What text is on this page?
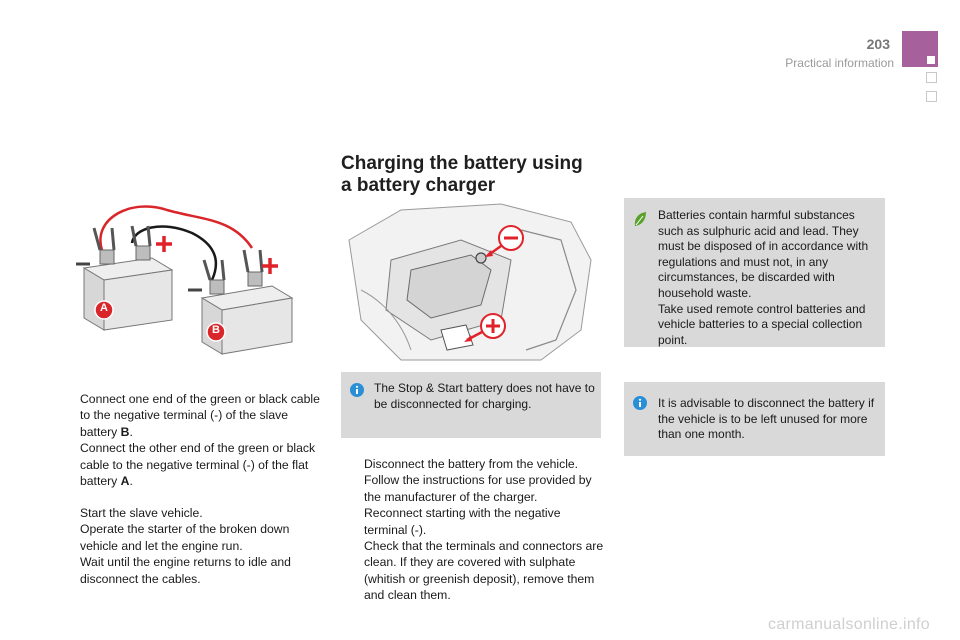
203
Practical information
A
B
Connect one end of the green or black cable to the negative terminal (-) of the slave battery B.
Connect the other end of the green or black cable to the negative terminal (-) of the flat battery A.
Start the slave vehicle.
Operate the starter of the broken down vehicle and let the engine run.
Wait until the engine returns to idle and disconnect the cables.
Charging the battery using
a battery charger

The Stop & Start battery does not have to be disconnected for charging.

Disconnect the battery from the vehicle.
Follow the instructions for use provided by the manufacturer of the charger.
Reconnect starting with the negative terminal (-).
Check that the terminals and connectors are clean. If they are covered with sulphate (whitish or greenish deposit), remove them and clean them.

Batteries contain harmful substances such as sulphuric acid and lead. They must be disposed of in accordance with regulations and must not, in any circumstances, be discarded with household waste.
Take used remote control batteries and vehicle batteries to a special collection point.

It is advisable to disconnect the battery if the vehicle is to be left unused for more than one month.

carmanualsonline.info
